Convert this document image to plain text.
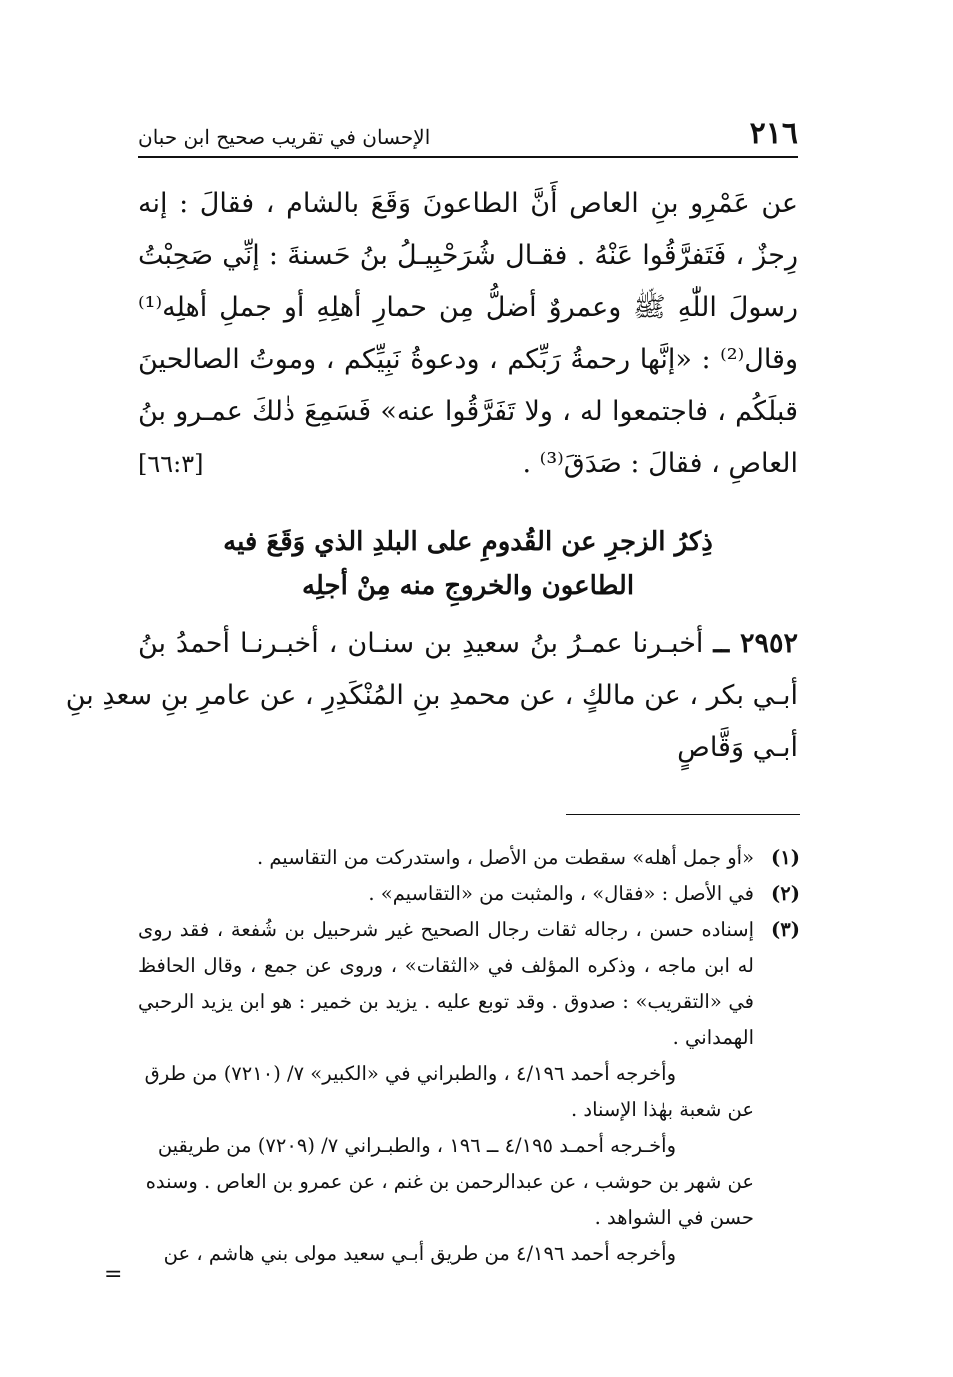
٢١٦
الإحسان في تقريب صحيح ابن حبان
عن عَمْرِو بنِ العاص أَنَّ الطاعونَ وَقَعَ بالشام ، فقالَ : إنه
رِجزٌ ، فَتَفرَّقُوا عَنْهُ . فقـال شُرَحْبِيـلُ بنُ حَسنةَ : إنِّي صَحِبْتُ
رسولَ اللّٰهِ ﷺ وعمروٌ أضلُّ مِن حمارِ أهلِهِ أو جملِ أهلِه⁽¹⁾
وقال⁽²⁾ : «إنَّها رحمةُ رَبِّكم ، ودعوةُ نَبِيِّكم ، وموتُ الصالحينَ
قبلَكُم ، فاجتمعوا له ، ولا تَفَرَّقُوا عنه» فَسَمِعَ ذٰلكَ عمـرو بنُ
العاصِ ، فقالَ : صَدَقَ⁽³⁾ .
[٦٦:٣]
ذِكرُ الزجرِ عن القُدومِ على البلدِ الذي وَقَعَ فيه
الطاعون والخروجِ منه مِنْ أجلِه
٢٩٥٢ ــ أخبـرنا عمـرُ بنُ سعيدِ بن سنـان ، أخبـرنـا أحمدُ بنُ
أبـي بكر ، عن مالكٍ ، عن محمدِ بنِ المُنْكَدِرِ ، عن عامرِ بنِ سعدِ بنِ
أبـي وَقَّاصٍ
(١)
«أو جمل أهله» سقطت من الأصل ، واستدركت من التقاسيم .
(٢)
في الأصل : «فقال» ، والمثبت من «التقاسيم» .
(٣)
إسناده حسن ، رجاله ثقات رجال الصحيح غير شرحبيل بن شُفعة ، فقد روى له ابن ماجه ، وذكره المؤلف في «الثقات» ، وروى عن جمع ، وقال الحافظ في «التقريب» : صدوق . وقد توبع عليه . يزيد بن خمير : هو ابن يزيد الرحبي الهمداني .
وأخرجه أحمد ٤/١٩٦ ، والطبراني في «الكبير» ٧/ (٧٢١٠) من طرق عن شعبة بهٰذا الإسناد .
وأخـرجه أحمـد ٤/١٩٥ ــ ١٩٦ ، والطبـراني ٧/ (٧٢٠٩) من طريقين عن شهر بن حوشب ، عن عبدالرحمن بن غنم ، عن عمرو بن العاص . وسنده حسن في الشواهد .
وأخرجه أحمد ٤/١٩٦ من طريق أبـي سعيد مولى بني هاشم ، عن
=
